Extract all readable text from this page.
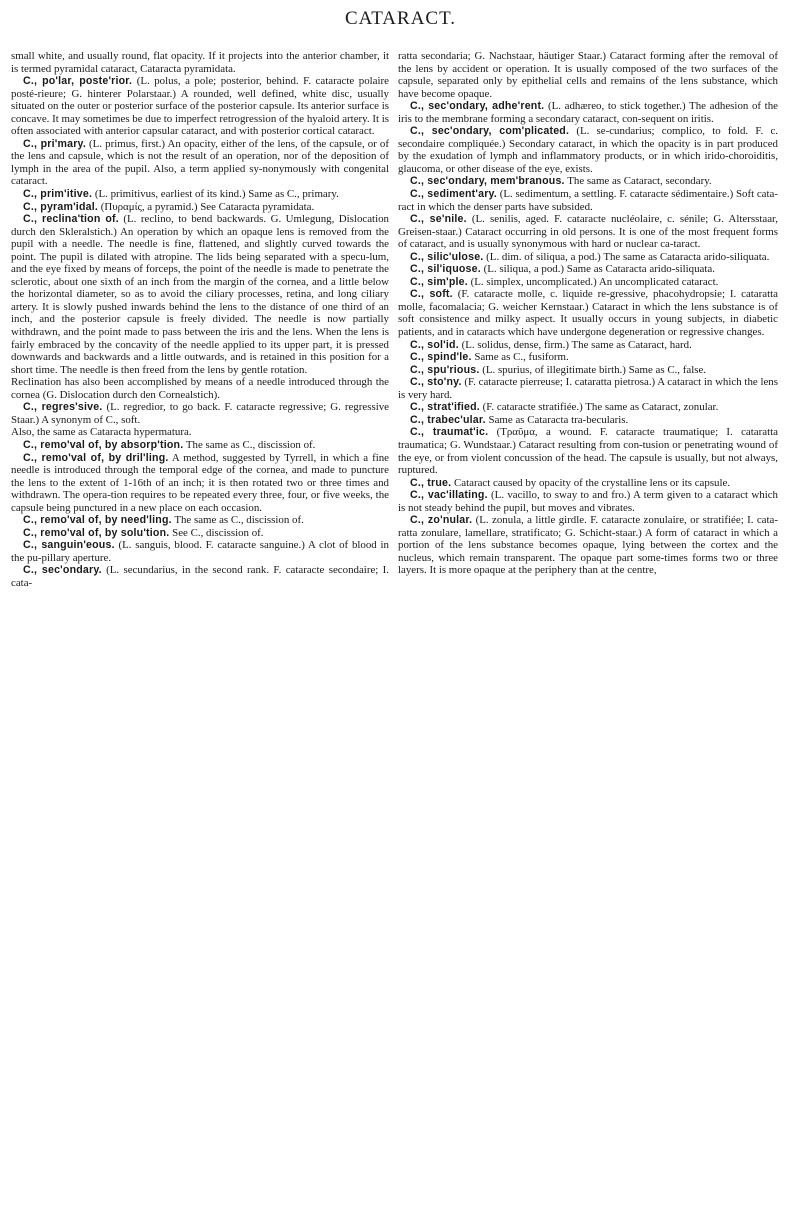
CATARACT.

small white, and usually round, flat opacity. If it projects into the anterior chamber, it is termed pyramidal cataract, Cataracta pyramidata.

C., po'lar, poste'rior. (L. polus, a pole; posterior, behind. F. cataracte polaire posté-rieure; G. hinterer Polarstaar.) A rounded, well defined, white disc, usually situated on the outer or posterior surface of the posterior capsule. Its anterior surface is concave. It may sometimes be due to imperfect retrogression of the hyaloid artery. It is often associated with anterior capsular cataract, and with posterior cortical cataract.

C., pri'mary. (L. primus, first.) An opacity, either of the lens, of the capsule, or of the lens and capsule, which is not the result of an operation, nor of the deposition of lymph in the area of the pupil. Also, a term applied sy-nonymously with congenital cataract.

C., prim'itive. (L. primitivus, earliest of its kind.) Same as C., primary.

C., pyram'idal. (Πυραμίς, a pyramid.) See Cataracta pyramidata.

C., reclina'tion of. (L. reclino, to bend backwards. G. Umlegung, Dislocation durch den Skleralstich.) An operation by which an opaque lens is removed from the pupil with a needle. The needle is fine, flattened, and slightly curved towards the point. The pupil is dilated with atropine. The lids being separated with a specu-lum, and the eye fixed by means of forceps, the point of the needle is made to penetrate the sclerotic, about one sixth of an inch from the margin of the cornea, and a little below the horizontal diameter, so as to avoid the ciliary processes, retina, and long ciliary artery. It is slowly pushed inwards behind the lens to the distance of one third of an inch, and the posterior capsule is freely divided. The needle is now partially withdrawn, and the point made to pass between the iris and the lens. When the lens is fairly embraced by the concavity of the needle applied to its upper part, it is pressed downwards and backwards and a little outwards, and is retained in this position for a short time. The needle is then freed from the lens by gentle rotation.

Reclination has also been accomplished by means of a needle introduced through the cornea (G. Dislocation durch den Cornealstich).

C., regres'sive. (L. regredior, to go back. F. cataracte regressive; G. regressive Staar.) A synonym of C., soft.

Also, the same as Cataracta hypermatura.

C., remo'val of, by absorp'tion. The same as C., discission of.

C., remo'val of, by dril'ling. A method, suggested by Tyrrell, in which a fine needle is introduced through the temporal edge of the cornea, and made to puncture the lens to the extent of 1-16th of an inch; it is then rotated two or three times and withdrawn. The opera-tion requires to be repeated every three, four, or five weeks, the capsule being punctured in a new place on each occasion.

C., remo'val of, by need'ling. The same as C., discission of.

C., remo'val of, by solu'tion. See C., discission of.

C., sanguin'eous. (L. sanguis, blood. F. cataracte sanguine.) A clot of blood in the pu-pillary aperture.

C., sec'ondary. (L. secundarius, in the second rank. F. cataracte secondaire; I. cata-

ratta secondaria; G. Nachstaar, häutiger Staar.) Cataract forming after the removal of the lens by accident or operation. It is usually composed of the two surfaces of the capsule, separated only by epithelial cells and remains of the lens substance, which have become opaque.

C., sec'ondary, adhe'rent. (L. adhæreo, to stick together.) The adhesion of the iris to the membrane forming a secondary cataract, con-sequent on iritis.

C., sec'ondary, com'plicated. (L. se-cundarius; complico, to fold. F. c. secondaire compliquée.) Secondary cataract, in which the opacity is in part produced by the exudation of lymph and inflammatory products, or in which irido-choroiditis, glaucoma, or other disease of the eye, exists.

C., sec'ondary, mem'branous. The same as Cataract, secondary.

C., sediment'ary. (L. sedimentum, a settling. F. cataracte sédimentaire.) Soft cata-ract in which the denser parts have subsided.

C., se'nile. (L. senilis, aged. F. cataracte nucléolaire, c. sénile; G. Altersstaar, Greisen-staar.) Cataract occurring in old persons. It is one of the most frequent forms of cataract, and is usually synonymous with hard or nuclear ca-taract.

C., silic'ulose. (L. dim. of siliqua, a pod.) The same as Cataracta arido-siliquata.

C., sil'iquose. (L. siliqua, a pod.) Same as Cataracta arido-siliquata.

C., sim'ple. (L. simplex, uncomplicated.) An uncomplicated cataract.

C., soft. (F. cataracte molle, c. liquide re-gressive, phacohydropsie; I. cataratta molle, facomalacia; G. weicher Kernstaar.) Cataract in which the lens substance is of soft consistence and milky aspect. It usually occurs in young subjects, in diabetic patients, and in cataracts which have undergone degeneration or regressive changes.

C., sol'id. (L. solidus, dense, firm.) The same as Cataract, hard.

C., spind'le. Same as C., fusiform.

C., spu'rious. (L. spurius, of illegitimate birth.) Same as C., false.

C., sto'ny. (F. cataracte pierreuse; I. cataratta pietrosa.) A cataract in which the lens is very hard.

C., strat'ified. (F. cataracte stratifiée.) The same as Cataract, zonular.

C., trabec'ular. Same as Cataracta tra-becularis.

C., traumat'ic. (Τραῦμα, a wound. F. cataracte traumatique; I. cataratta traumatica; G. Wundstaar.) Cataract resulting from con-tusion or penetrating wound of the eye, or from violent concussion of the head. The capsule is usually, but not always, ruptured.

C., true. Cataract caused by opacity of the crystalline lens or its capsule.

C., vac'illating. (L. vacillo, to sway to and fro.) A term given to a cataract which is not steady behind the pupil, but moves and vibrates.

C., zo'nular. (L. zonula, a little girdle. F. cataracte zonulaire, or stratifiée; I. cata-ratta zonulare, lamellare, stratificato; G. Schicht-staar.) A form of cataract in which a portion of the lens substance becomes opaque, lying between the cortex and the nucleus, which remain transparent. The opaque part some-times forms two or three layers. It is more opaque at the periphery than at the centre,
